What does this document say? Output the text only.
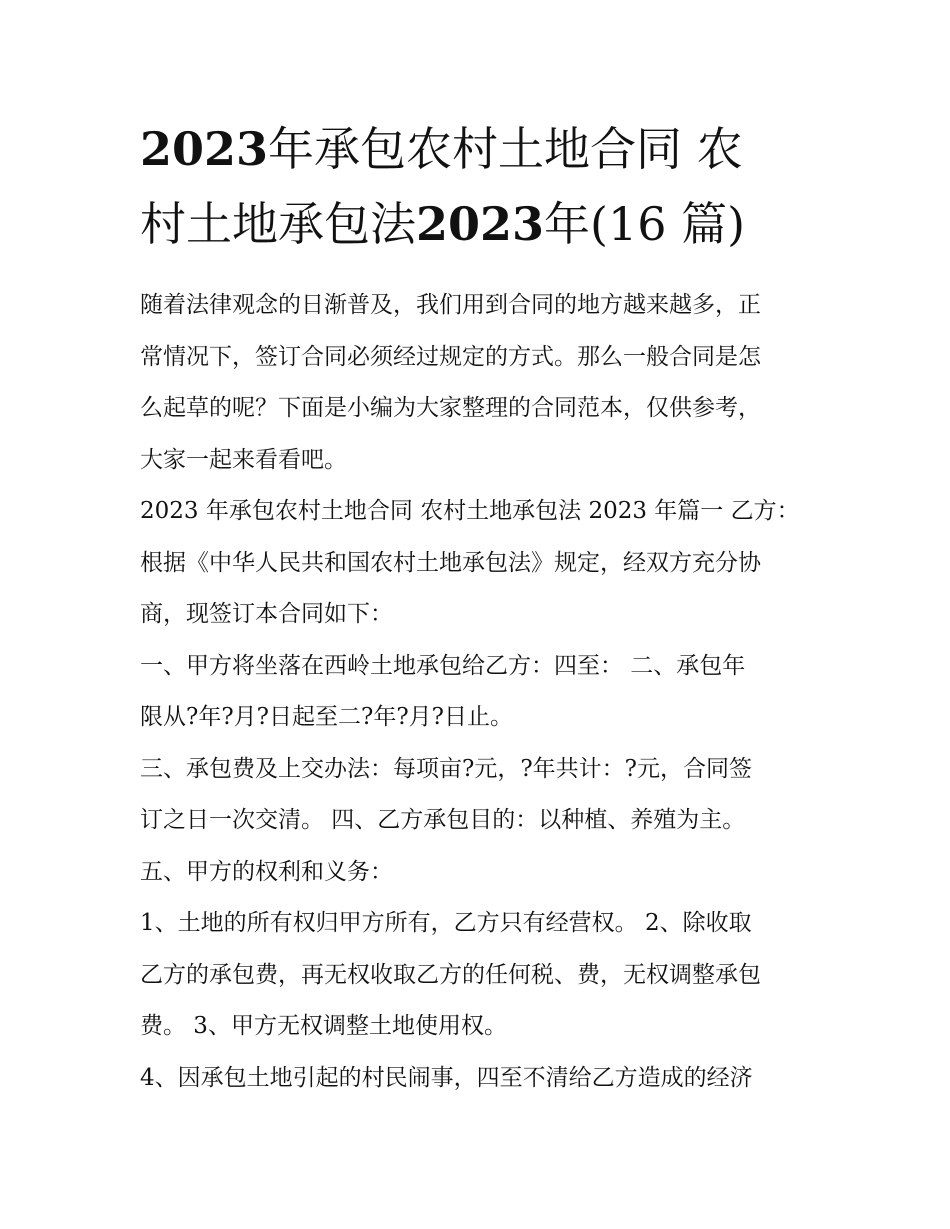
2023年承包农村土地合同 农
村土地承包法2023年(16 篇)

随着法律观念的日渐普及，我们用到合同的地方越来越多，正
常情况下，签订合同必须经过规定的方式。那么一般合同是怎
么起草的呢？下面是小编为大家整理的合同范本，仅供参考，
大家一起来看看吧。

2023 年承包农村土地合同 农村土地承包法 2023 年篇一 乙方：
根据《中华人民共和国农村土地承包法》规定，经双方充分协
商，现签订本合同如下：

一、甲方将坐落在西岭土地承包给乙方：四至： 二、承包年
限从?年?月?日起至二?年?月?日止。

三、承包费及上交办法：每项亩?元，?年共计：?元，合同签
订之日一次交清。 四、乙方承包目的：以种植、养殖为主。

五、甲方的权利和义务：

1、土地的所有权归甲方所有，乙方只有经营权。 2、除收取
乙方的承包费，再无权收取乙方的任何税、费，无权调整承包
费。 3、甲方无权调整土地使用权。

4、因承包土地引起的村民闹事，四至不清给乙方造成的经济
